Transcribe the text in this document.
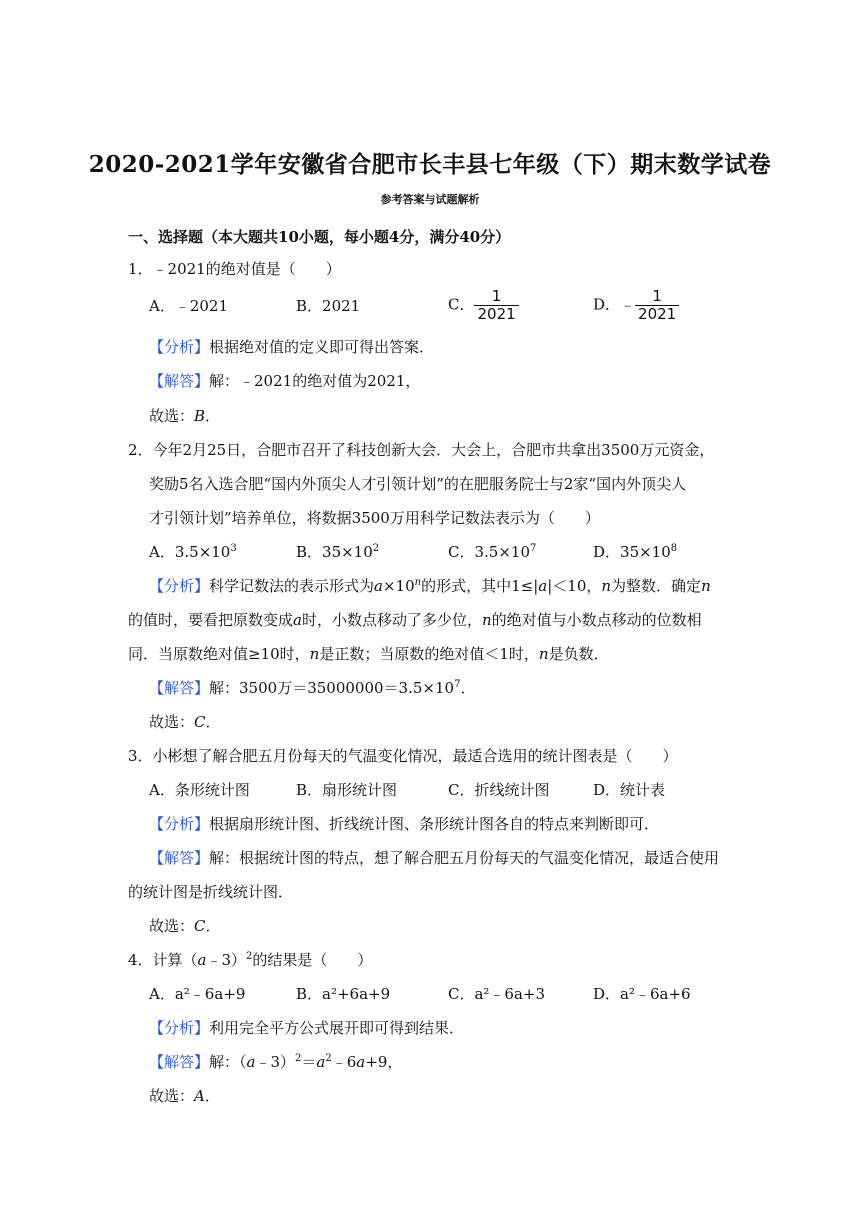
2020-2021学年安徽省合肥市长丰县七年级（下）期末数学试卷
参考答案与试题解析
一、选择题（本大题共10小题，每小题4分，满分40分）
1．﹣2021的绝对值是（　　）
A．﹣2021	B．2021	C． $\frac{1}{2021}$	D．﹣ $\frac{1}{2021}$
【分析】根据绝对值的定义即可得出答案．
【解答】解：﹣2021的绝对值为2021，
故选：B．
2．今年2月25日，合肥市召开了科技创新大会．大会上，合肥市共拿出3500万元资金，
奖励5名入选合肥“国内外顶尖人才引领计划”的在肥服务院士与2家“国内外顶尖人
才引领计划”培养单位，将数据3500万用科学记数法表示为（　　）
A．$3.5\times 10^3$	B．$35\times 10^2$	C．$3.5\times 10^7$	D．$35\times 10^8$
【分析】科学记数法的表示形式为$a\times 10^n$的形式，其中1≤|a|＜10，n为整数．确定n
的值时，要看把原数变成a时，小数点移动了多少位，n的绝对值与小数点移动的位数相
同．当原数绝对值≥10时，n是正数；当原数的绝对值＜1时，n是负数．
【解答】解：3500万$=35000000=3.5\times 10^7$．
故选：C．
3．小彬想了解合肥五月份每天的气温变化情况，最适合选用的统计图表是（　　）
A．条形统计图	B．扇形统计图	C．折线统计图	D．统计表
【分析】根据扇形统计图、折线统计图、条形统计图各自的特点来判断即可．
【解答】解：根据统计图的特点，想了解合肥五月份每天的气温变化情况，最适合使用
的统计图是折线统计图．
故选：C．
4．计算（a﹣3）$^2$的结果是（　　）
A．a²﹣6a+9	B．a²+6a+9	C．a²﹣6a+3	D．a²﹣6a+6
【分析】利用完全平方公式展开即可得到结果．
【解答】解：$(a﹣3)^2=a^2﹣6a+9$，
故选：A．
